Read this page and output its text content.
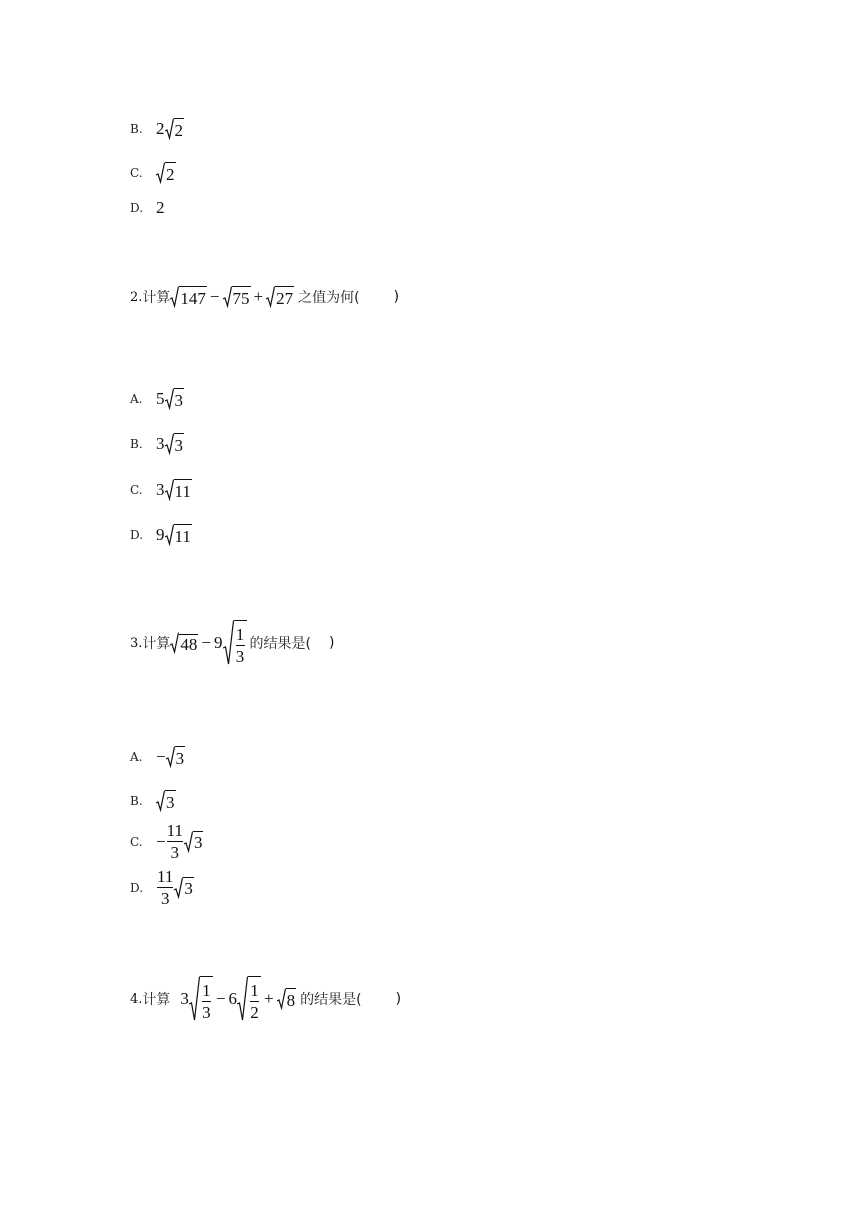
B. 2 2
C.	2
D. 2
2. 计算 147 − 75 + 27 之值为何( )
A. 5 3
B. 3 3
C. 3 11
D. 9 11
3. 计算 $48 - 9 \frac{1}{3}$ 的结果是( )
A. − 3
B.	3
C. − $\frac{11}{3} 3$
D. $\frac{11}{3} 3$
4. 计算 $3 \frac{1}{3} - 6 \frac{1}{2} + 8$ 的结果是( )
